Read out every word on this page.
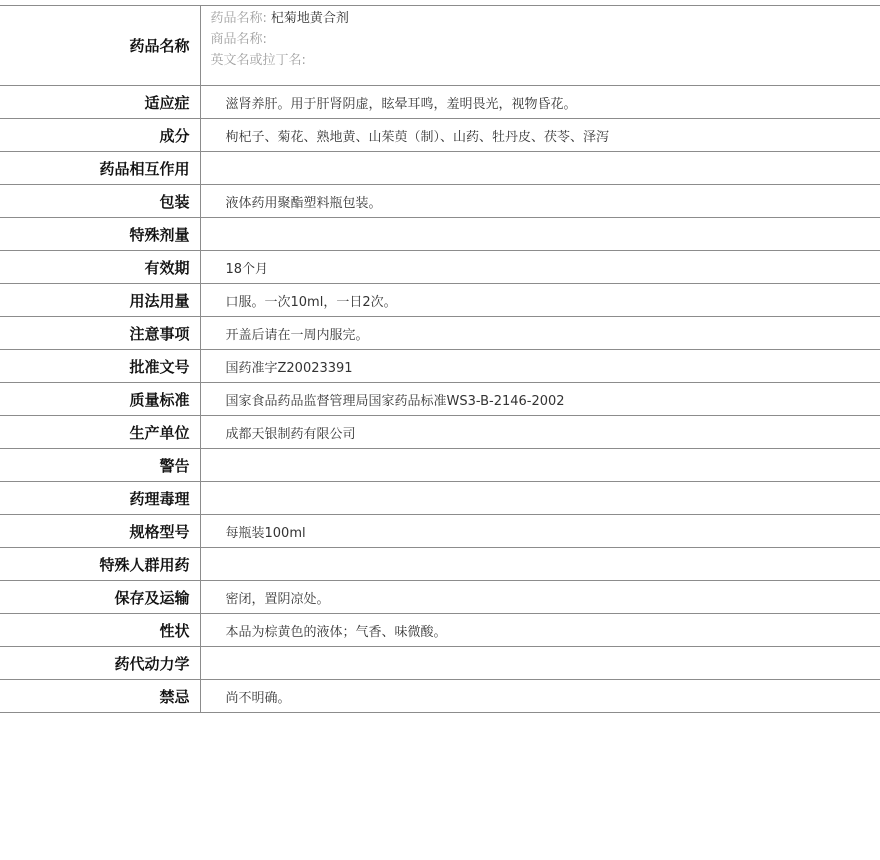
药品名称	药品名称: 杞菊地黄合剂
商品名称:
英文名或拉丁名:

适应症	滋肾养肝。用于肝肾阴虚，眩晕耳鸣，羞明畏光，视物昏花。
成分	枸杞子、菊花、熟地黄、山茱萸（制）、山药、牡丹皮、茯苓、泽泻
药品相互作用	
包装	液体药用聚酯塑料瓶包装。
特殊剂量	
有效期	18个月
用法用量	口服。一次10ml，一日2次。
注意事项	开盖后请在一周内服完。
批准文号	国药准字Z20023391
质量标准	国家食品药品监督管理局国家药品标准WS3-B-2146-2002
生产单位	成都天银制药有限公司
警告	
药理毒理	
规格型号	每瓶装100ml
特殊人群用药	
保存及运输	密闭，置阴凉处。
性状	本品为棕黄色的液体；气香、味微酸。
药代动力学	
禁忌	尚不明确。
